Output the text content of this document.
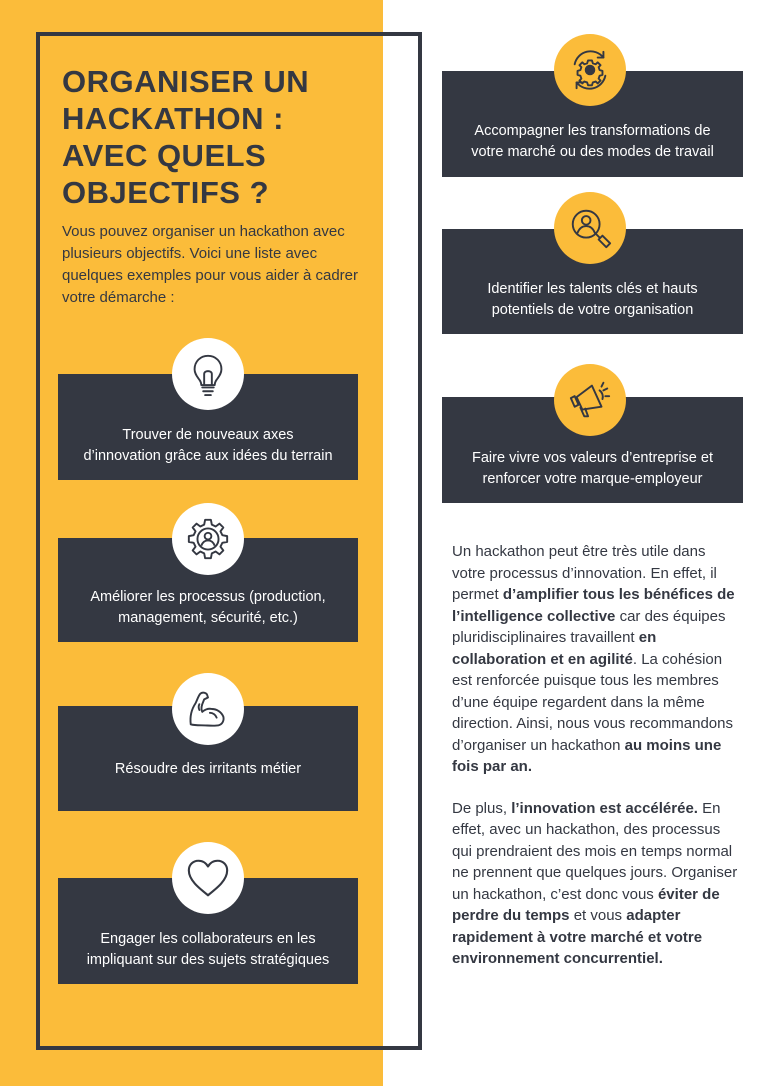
ORGANISER UN
HACKATHON :
AVEC QUELS
OBJECTIFS ?

Vous pouvez organiser un hackathon avec plusieurs objectifs. Voici une liste avec quelques exemples pour vous aider à cadrer votre démarche :

Trouver de nouveaux axes
d’innovation grâce aux idées du terrain
Améliorer les processus (production,
management, sécurité, etc.)
Résoudre des irritants métier
Engager les collaborateurs en les
impliquant sur des sujets stratégiques
Accompagner les transformations de
votre marché ou des modes de travail
Identifier les talents clés et hauts
potentiels de votre organisation
Faire vivre vos valeurs d’entreprise et
renforcer votre marque-employeur

Un hackathon peut être très utile dans votre processus d’innovation. En effet, il permet d’amplifier tous les bénéfices de l’intelligence collective car des équipes pluridisciplinaires travaillent en collaboration et en agilité. La cohésion est renforcée puisque tous les membres d’une équipe regardent dans la même direction. Ainsi, nous vous recommandons d’organiser un hackathon au moins une fois par an.

De plus, l’innovation est accélérée. En effet, avec un hackathon, des processus qui prendraient des mois en temps normal ne prennent que quelques jours. Organiser un hackathon, c’est donc vous éviter de perdre du temps et vous adapter rapidement à votre marché et votre environnement concurrentiel.
